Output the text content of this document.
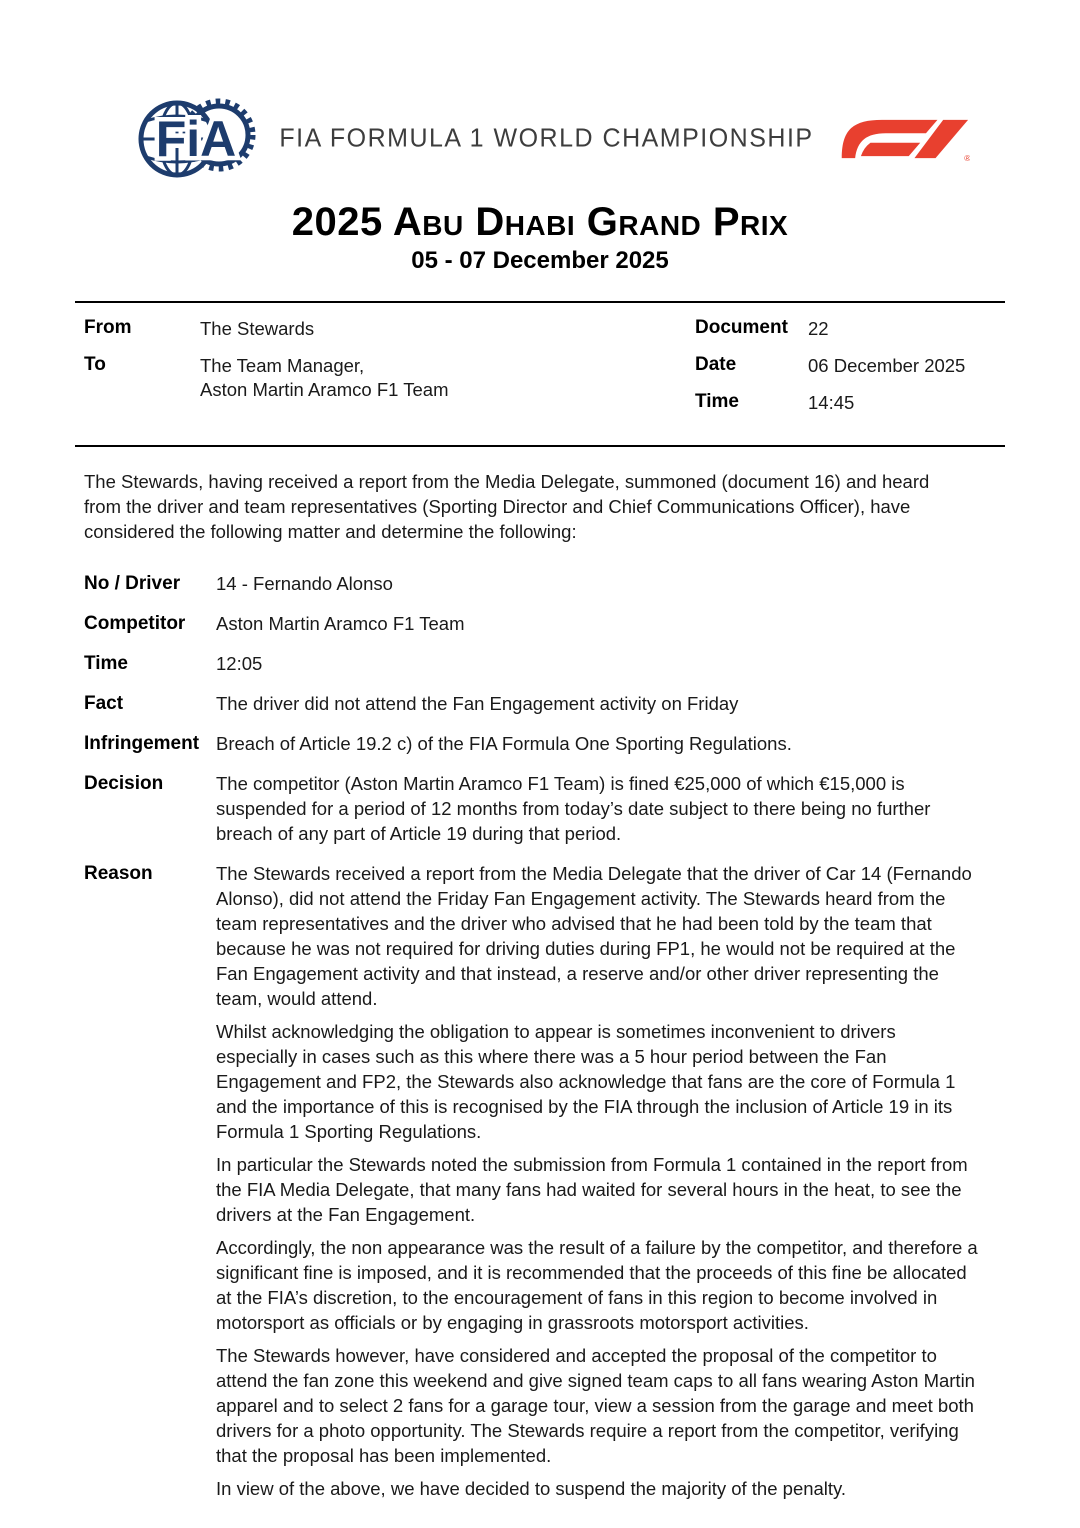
FiA FIA FORMULA 1 WORLD CHAMPIONSHIP
®
2025 Abu Dhabi Grand Prix
05 - 07 December 2025
From	The Stewards
To	The Team Manager,
Aston Martin Aramco F1 Team
Document	22
Date	06 December 2025
Time	14:45

The Stewards, having received a report from the Media Delegate, summoned (document 16) and heard from the driver and team representatives (Sporting Director and Chief Communications Officer), have considered the following matter and determine the following:

No / Driver	14 - Fernando Alonso
Competitor	Aston Martin Aramco F1 Team
Time	12:05
Fact	The driver did not attend the Fan Engagement activity on Friday
Infringement Breach of Article 19.2 c) of the FIA Formula One Sporting Regulations.
Decision	The competitor (Aston Martin Aramco F1 Team) is fined €25,000 of which €15,000 is suspended for a period of 12 months from today’s date subject to there being no further breach of any part of Article 19 during that period.
Reason	The Stewards received a report from the Media Delegate that the driver of Car 14 (Fernando Alonso), did not attend the Friday Fan Engagement activity. The Stewards heard from the team representatives and the driver who advised that he had been told by the team that because he was not required for driving duties during FP1, he would not be required at the Fan Engagement activity and that instead, a reserve and/or other driver representing the team, would attend.

Whilst acknowledging the obligation to appear is sometimes inconvenient to drivers especially in cases such as this where there was a 5 hour period between the Fan Engagement and FP2, the Stewards also acknowledge that fans are the core of Formula 1 and the importance of this is recognised by the FIA through the inclusion of Article 19 in its Formula 1 Sporting Regulations.

In particular the Stewards noted the submission from Formula 1 contained in the report from the FIA Media Delegate, that many fans had waited for several hours in the heat, to see the drivers at the Fan Engagement.

Accordingly, the non appearance was the result of a failure by the competitor, and therefore a significant fine is imposed, and it is recommended that the proceeds of this fine be allocated at the FIA’s discretion, to the encouragement of fans in this region to become involved in motorsport as officials or by engaging in grassroots motorsport activities.

The Stewards however, have considered and accepted the proposal of the competitor to attend the fan zone this weekend and give signed team caps to all fans wearing Aston Martin apparel and to select 2 fans for a garage tour, view a session from the garage and meet both drivers for a photo opportunity. The Stewards require a report from the competitor, verifying that the proposal has been implemented.

In view of the above, we have decided to suspend the majority of the penalty.
